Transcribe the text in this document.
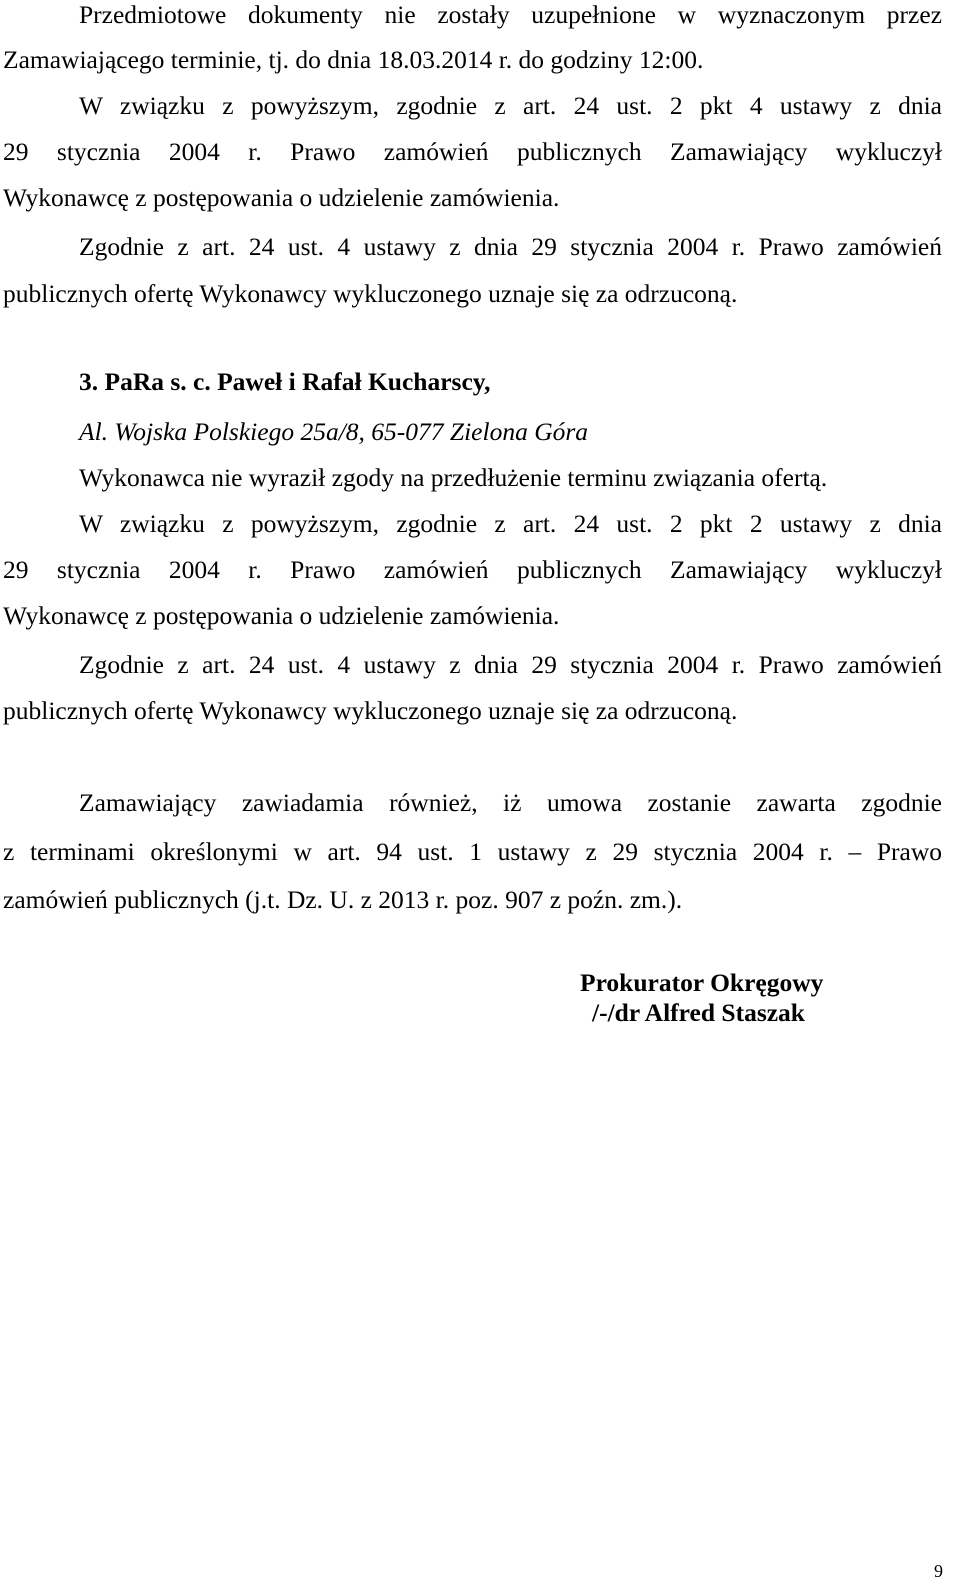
Przedmiotowe dokumenty nie zostały uzupełnione w wyznaczonym przez

Zamawiającego terminie, tj. do dnia 18.03.2014 r. do godziny 12:00.

W związku z powyższym, zgodnie z art. 24 ust. 2 pkt 4 ustawy z dnia

29 stycznia 2004 r. Prawo zamówień publicznych Zamawiający wykluczył

Wykonawcę z postępowania o udzielenie zamówienia.

Zgodnie z art. 24 ust. 4 ustawy z dnia 29 stycznia 2004 r. Prawo zamówień

publicznych ofertę Wykonawcy wykluczonego uznaje się za odrzuconą.

3. PaRa s. c. Paweł i Rafał Kucharscy,

Al. Wojska Polskiego 25a/8, 65-077 Zielona Góra

Wykonawca nie wyraził zgody na przedłużenie terminu związania ofertą.

W związku z powyższym, zgodnie z art. 24 ust. 2 pkt 2 ustawy z dnia

29 stycznia 2004 r. Prawo zamówień publicznych Zamawiający wykluczył

Wykonawcę z postępowania o udzielenie zamówienia.

Zgodnie z art. 24 ust. 4 ustawy z dnia 29 stycznia 2004 r. Prawo zamówień

publicznych ofertę Wykonawcy wykluczonego uznaje się za odrzuconą.

Zamawiający zawiadamia również, iż umowa zostanie zawarta zgodnie

z terminami określonymi w art. 94 ust. 1 ustawy z 29 stycznia 2004 r. – Prawo

zamówień publicznych (j.t. Dz. U. z 2013 r. poz. 907 z poźn. zm.).

Prokurator Okręgowy

/-/dr Alfred Staszak

9
